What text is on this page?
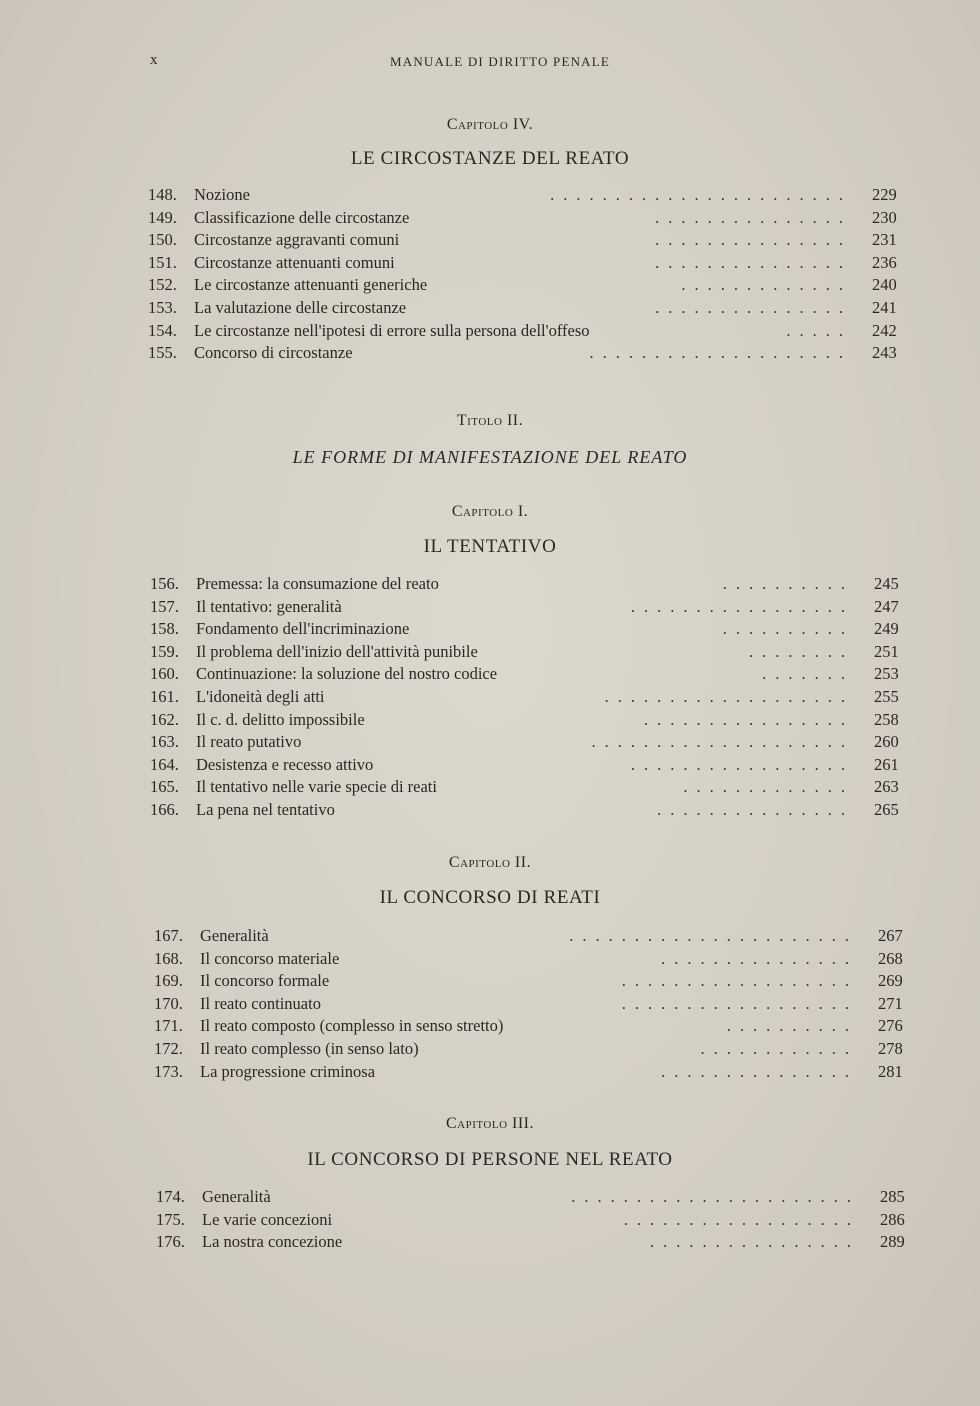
x	MANUALE DI DIRITTO PENALE
Capitolo IV.
LE CIRCOSTANZE DEL REATO
148. Nozione	....................... 229
149. Classificazione delle circostanze	............... 230
150. Circostanze aggravanti comuni	............... 231
151. Circostanze attenuanti comuni	............... 236
152. Le circostanze attenuanti generiche	............. 240
153. La valutazione delle circostanze	............... 241
154. Le circostanze nell'ipotesi di errore sulla persona dell'offeso	..... 242
155. Concorso di circostanze	.................... 243
Titolo II.
LE FORME DI MANIFESTAZIONE DEL REATO
Capitolo I.
IL TENTATIVO
156. Premessa: la consumazione del reato	.......... 245
157. Il tentativo: generalità	................. 247
158. Fondamento dell'incriminazione	.......... 249
159. Il problema dell'inizio dell'attività punibile	........ 251
160. Continuazione: la soluzione del nostro codice	....... 253
161. L'idoneità degli atti	................... 255
162. Il c. d. delitto impossibile	................ 258
163. Il reato putativo	.................... 260
164. Desistenza e recesso attivo	................. 261
165. Il tentativo nelle varie specie di reati	............. 263
166. La pena nel tentativo	............... 265
Capitolo II.
IL CONCORSO DI REATI
167. Generalità	...................... 267
168. Il concorso materiale	............... 268
169. Il concorso formale	.................. 269
170. Il reato continuato	.................. 271
171. Il reato composto (complesso in senso stretto)	.......... 276
172. Il reato complesso (in senso lato)	............ 278
173. La progressione criminosa	............... 281
Capitolo III.
IL CONCORSO DI PERSONE NEL REATO
174. Generalità	...................... 285
175. Le varie concezioni	.................. 286
176. La nostra concezione	................ 289
